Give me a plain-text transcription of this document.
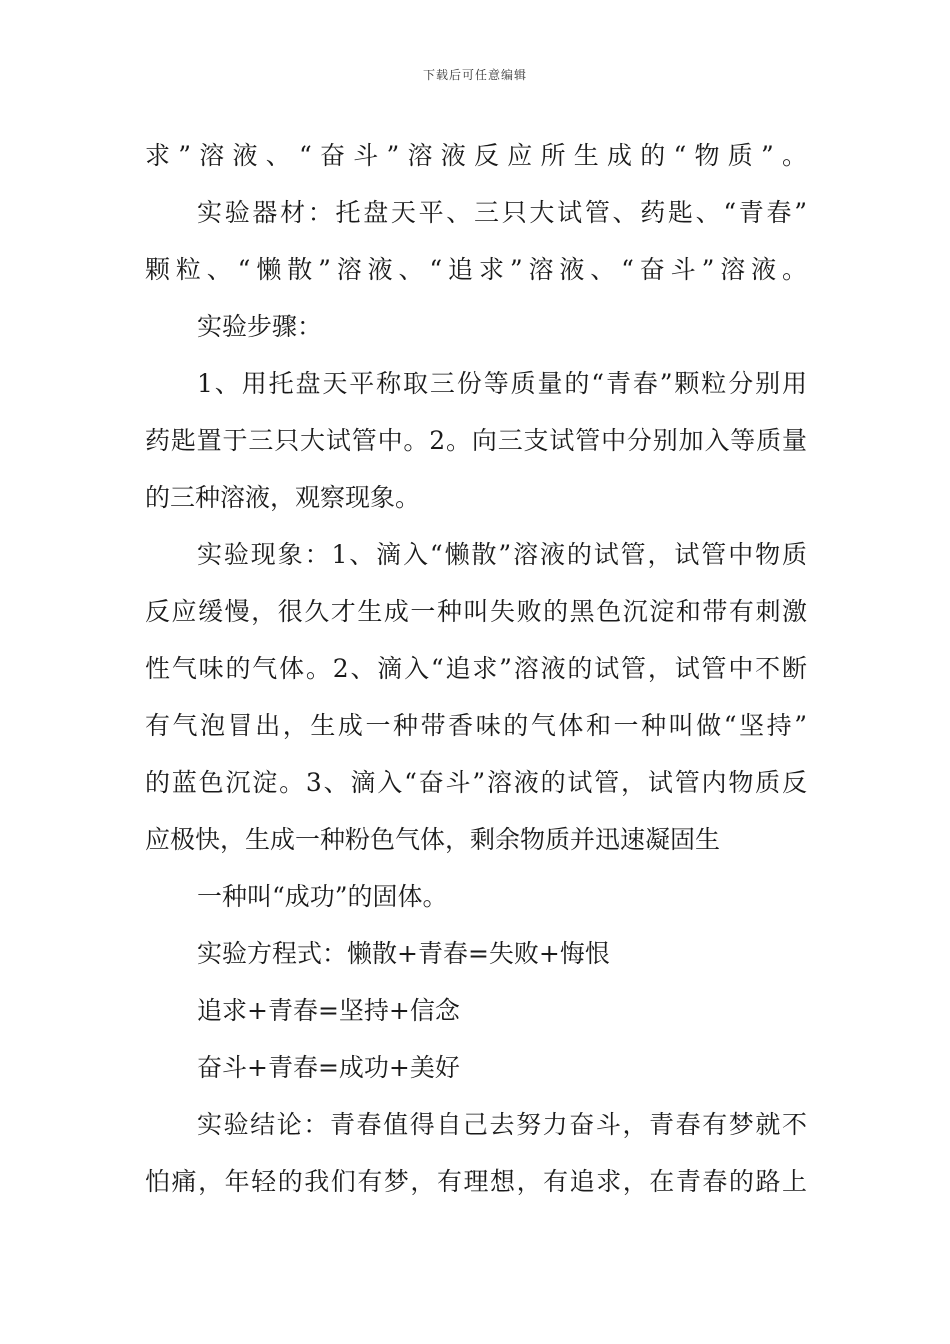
下载后可任意编辑
求”溶液、“奋斗”溶液反应所生成的“物质”。
实验器材：托盘天平、三只大试管、药匙、“青春”
颗粒、“懒散”溶液、“追求”溶液、“奋斗”溶液。
实验步骤：
1、用托盘天平称取三份等质量的“青春”颗粒分别用
药匙置于三只大试管中。2。向三支试管中分别加入等质量
的三种溶液，观察现象。
实验现象：1、滴入“懒散”溶液的试管，试管中物质
反应缓慢，很久才生成一种叫失败的黑色沉淀和带有刺激
性气味的气体。2、滴入“追求”溶液的试管，试管中不断
有气泡冒出，生成一种带香味的气体和一种叫做“坚持”
的蓝色沉淀。3、滴入“奋斗”溶液的试管，试管内物质反
应极快，生成一种粉色气体，剩余物质并迅速凝固生
一种叫“成功”的固体。
实验方程式：懒散+青春=失败+悔恨
追求+青春=坚持+信念
奋斗+青春=成功+美好
实验结论：青春值得自己去努力奋斗，青春有梦就不
怕痛，年轻的我们有梦，有理想，有追求，在青春的路上
